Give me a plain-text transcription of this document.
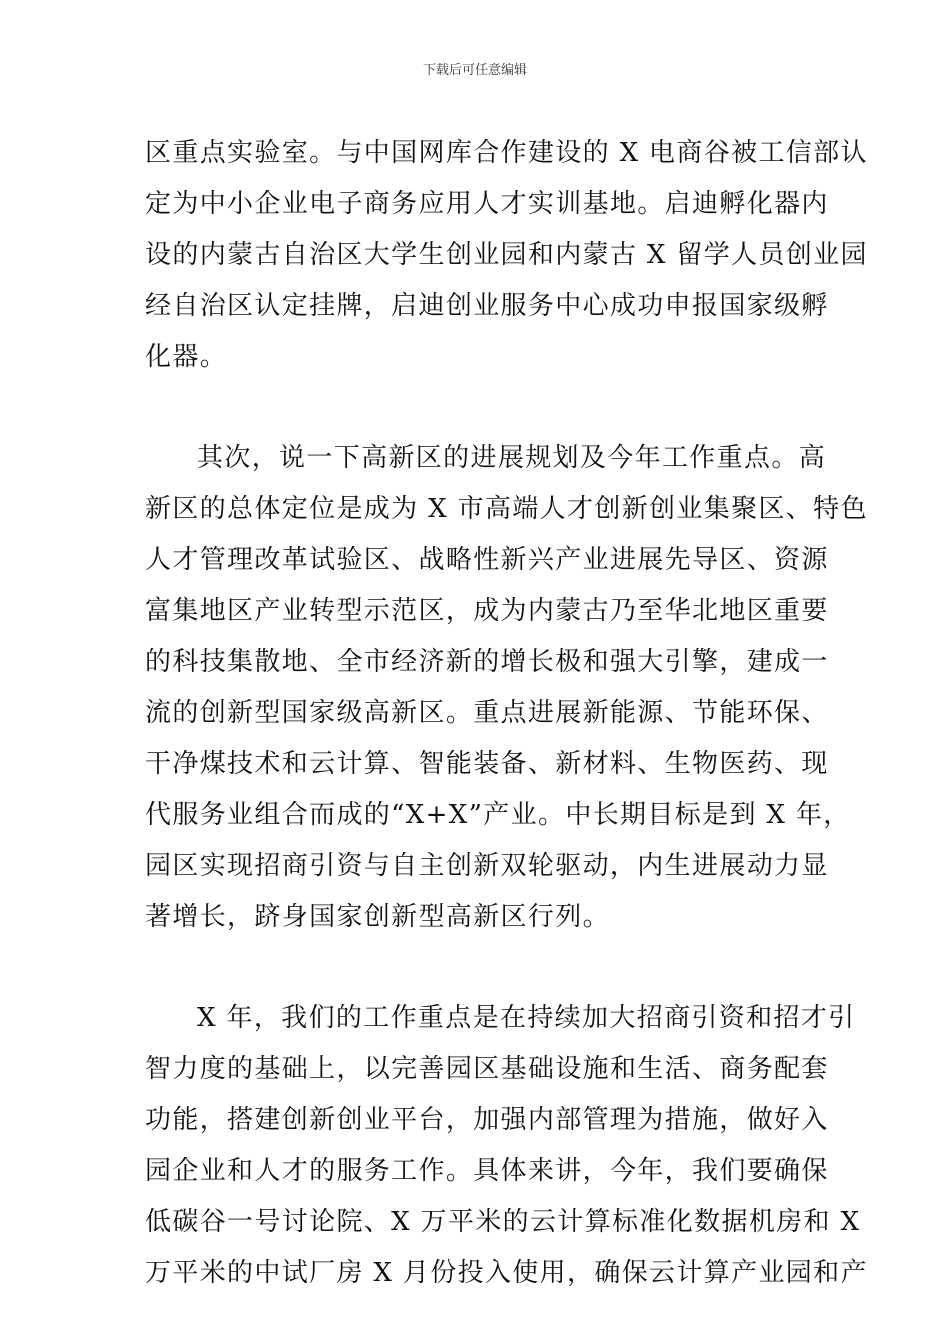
下载后可任意编辑
区重点实验室。与中国网库合作建设的 X 电商谷被工信部认
定为中小企业电子商务应用人才实训基地。启迪孵化器内
设的内蒙古自治区大学生创业园和内蒙古 X 留学人员创业园
经自治区认定挂牌，启迪创业服务中心成功申报国家级孵
化器。
其次，说一下高新区的进展规划及今年工作重点。高
新区的总体定位是成为 X 市高端人才创新创业集聚区、特色
人才管理改革试验区、战略性新兴产业进展先导区、资源
富集地区产业转型示范区，成为内蒙古乃至华北地区重要
的科技集散地、全市经济新的增长极和强大引擎，建成一
流的创新型国家级高新区。重点进展新能源、节能环保、
干净煤技术和云计算、智能装备、新材料、生物医药、现
代服务业组合而成的“X+X”产业。中长期目标是到 X 年，
园区实现招商引资与自主创新双轮驱动，内生进展动力显
著增长，跻身国家创新型高新区行列。
X 年，我们的工作重点是在持续加大招商引资和招才引
智力度的基础上，以完善园区基础设施和生活、商务配套
功能，搭建创新创业平台，加强内部管理为措施，做好入
园企业和人才的服务工作。具体来讲，今年，我们要确保
低碳谷一号讨论院、X 万平米的云计算标准化数据机房和 X
万平米的中试厂房 X 月份投入使用，确保云计算产业园和产
